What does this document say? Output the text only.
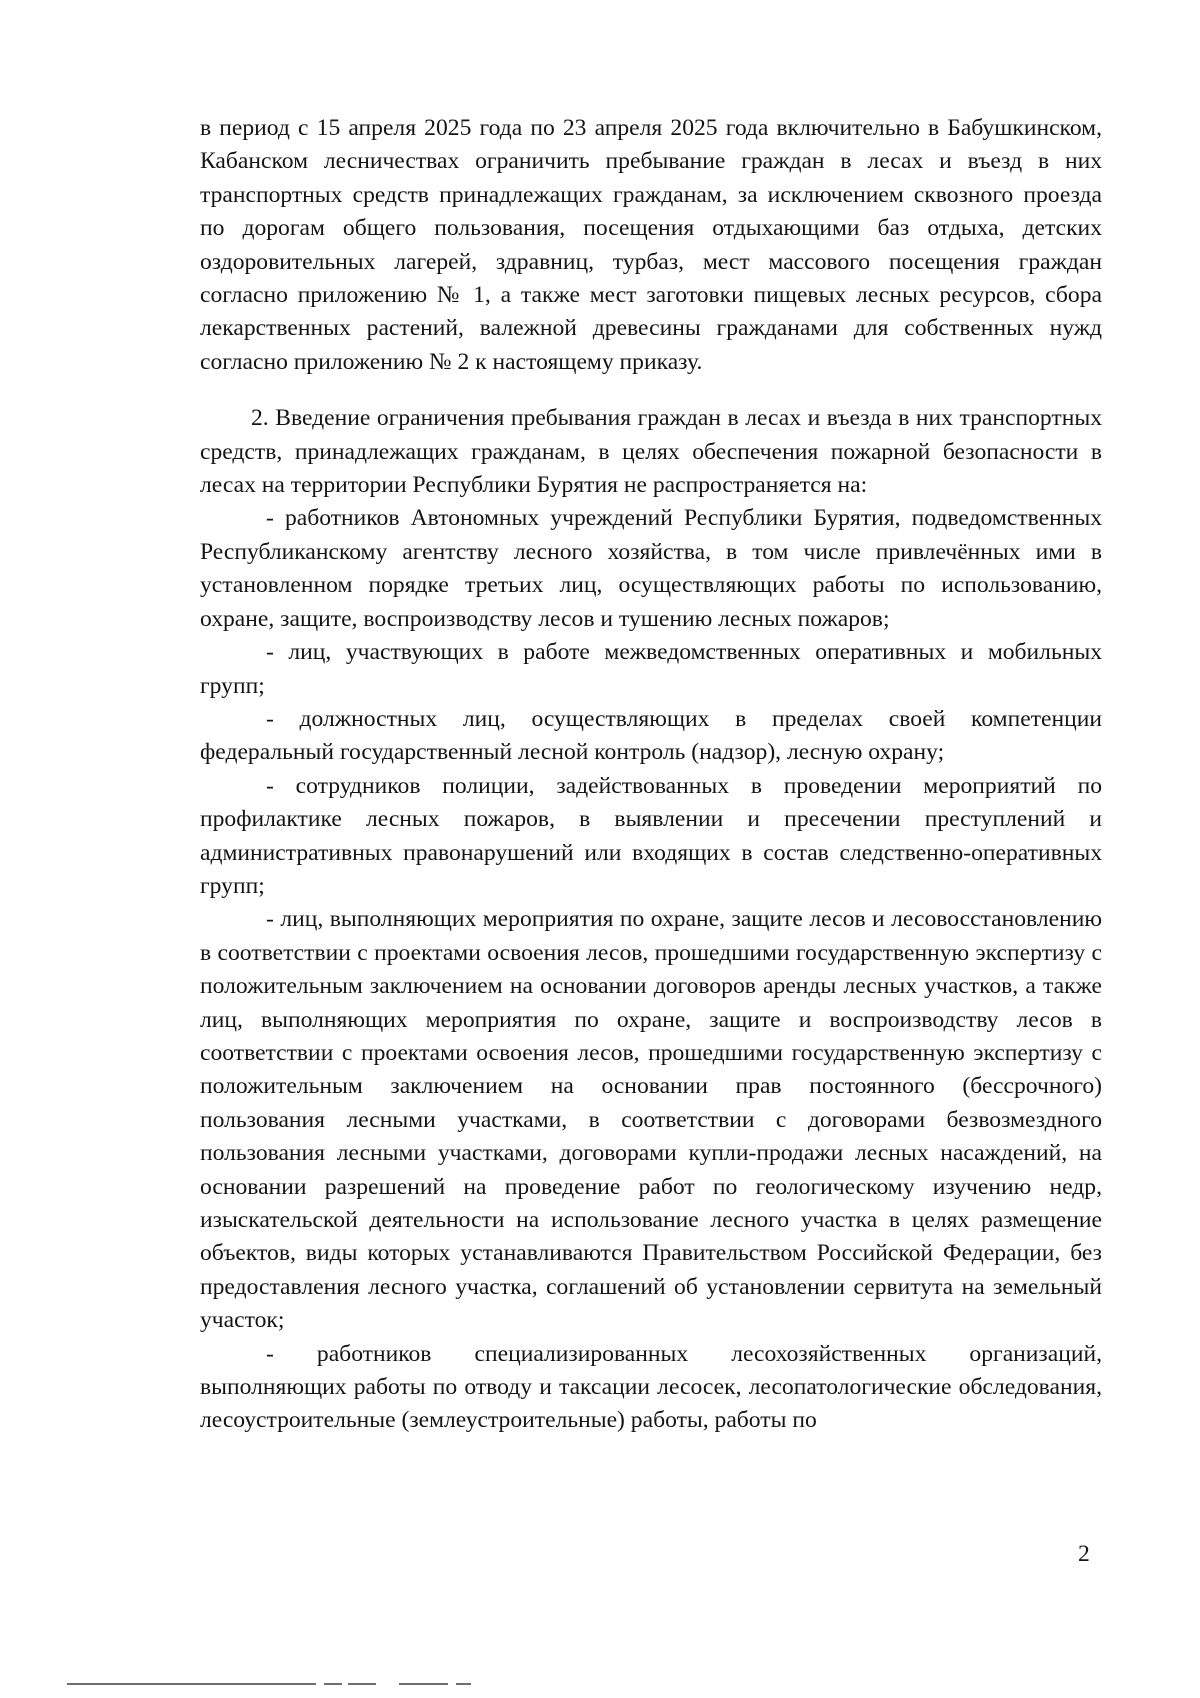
в период с 15 апреля 2025 года по 23 апреля 2025 года включительно в Бабушкинском, Кабанском лесничествах ограничить пребывание граждан в лесах и въезд в них транспортных средств принадлежащих гражданам, за исключением сквозного проезда по дорогам общего пользования, посещения отдыхающими баз отдыха, детских оздоровительных лагерей, здравниц, турбаз, мест массового посещения граждан согласно приложению № 1, а также мест заготовки пищевых лесных ресурсов, сбора лекарственных растений, валежной древесины гражданами для собственных нужд согласно приложению № 2 к настоящему приказу.

2. Введение ограничения пребывания граждан в лесах и въезда в них транспортных средств, принадлежащих гражданам, в целях обеспечения пожарной безопасности в лесах на территории Республики Бурятия не распространяется на:

- работников Автономных учреждений Республики Бурятия, подведомственных Республиканскому агентству лесного хозяйства, в том числе привлечённых ими в установленном порядке третьих лиц, осуществляющих работы по использованию, охране, защите, воспроизводству лесов и тушению лесных пожаров;

- лиц, участвующих в работе межведомственных оперативных и мобильных групп;

- должностных лиц, осуществляющих в пределах своей компетенции федеральный государственный лесной контроль (надзор), лесную охрану;

- сотрудников полиции, задействованных в проведении мероприятий по профилактике лесных пожаров, в выявлении и пресечении преступлений и административных правонарушений или входящих в состав следственно-оперативных групп;

- лиц, выполняющих мероприятия по охране, защите лесов и лесовосстановлению в соответствии с проектами освоения лесов, прошедшими государственную экспертизу с положительным заключением на основании договоров аренды лесных участков, а также лиц, выполняющих мероприятия по охране, защите и воспроизводству лесов в соответствии с проектами освоения лесов, прошедшими государственную экспертизу с положительным заключением на основании прав постоянного (бессрочного) пользования лесными участками, в соответствии с договорами безвозмездного пользования лесными участками, договорами купли-продажи лесных насаждений, на основании разрешений на проведение работ по геологическому изучению недр, изыскательской деятельности на использование лесного участка в целях размещение объектов, виды которых устанавливаются Правительством Российской Федерации, без предоставления лесного участка, соглашений об установлении сервитута на земельный участок;

- работников специализированных лесохозяйственных организаций, выполняющих работы по отводу и таксации лесосек, лесопатологические обследования, лесоустроительные (землеустроительные) работы, работы по

2
